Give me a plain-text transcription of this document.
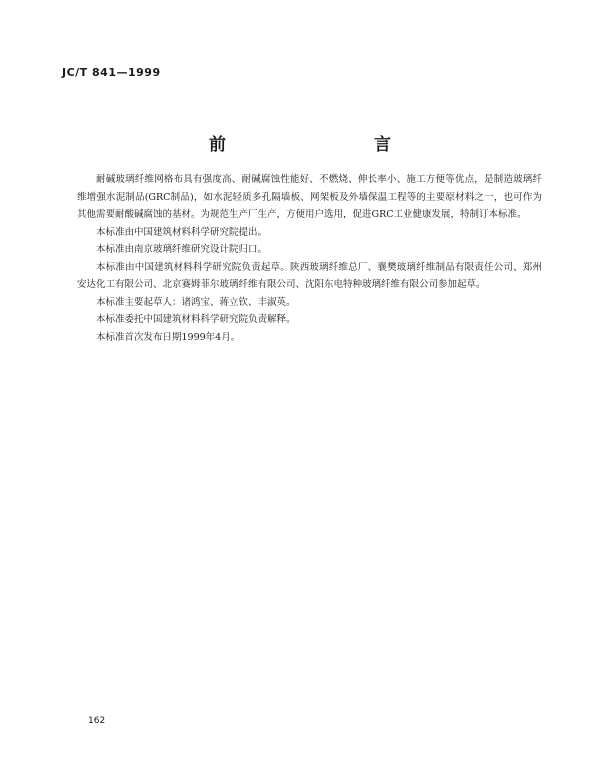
JC/T 841—1999
前　　言

耐碱玻璃纤维网格布具有强度高、耐碱腐蚀性能好、不燃烧、伸长率小、施工方便等优点，是制造玻璃纤维增强水泥制品(GRC制品)，如水泥轻质多孔隔墙板、网架板及外墙保温工程等的主要原材料之一，也可作为其他需要耐酸碱腐蚀的基材。为规范生产厂生产，方便用户选用，促进GRC工业健康发展，特制订本标准。

本标准由中国建筑材料科学研究院提出。

本标准由南京玻璃纤维研究设计院归口。

本标准由中国建筑材料科学研究院负责起草。陕西玻璃纤维总厂、襄樊玻璃纤维制品有限责任公司、郑州安达化工有限公司、北京赛姆菲尔玻璃纤维有限公司、沈阳东电特种玻璃纤维有限公司参加起草。

本标准主要起草人：诸鸿宝、蒋立钦、丰淑英。

本标准委托中国建筑材料科学研究院负责解释。

本标准首次发布日期1999年4月。

162
